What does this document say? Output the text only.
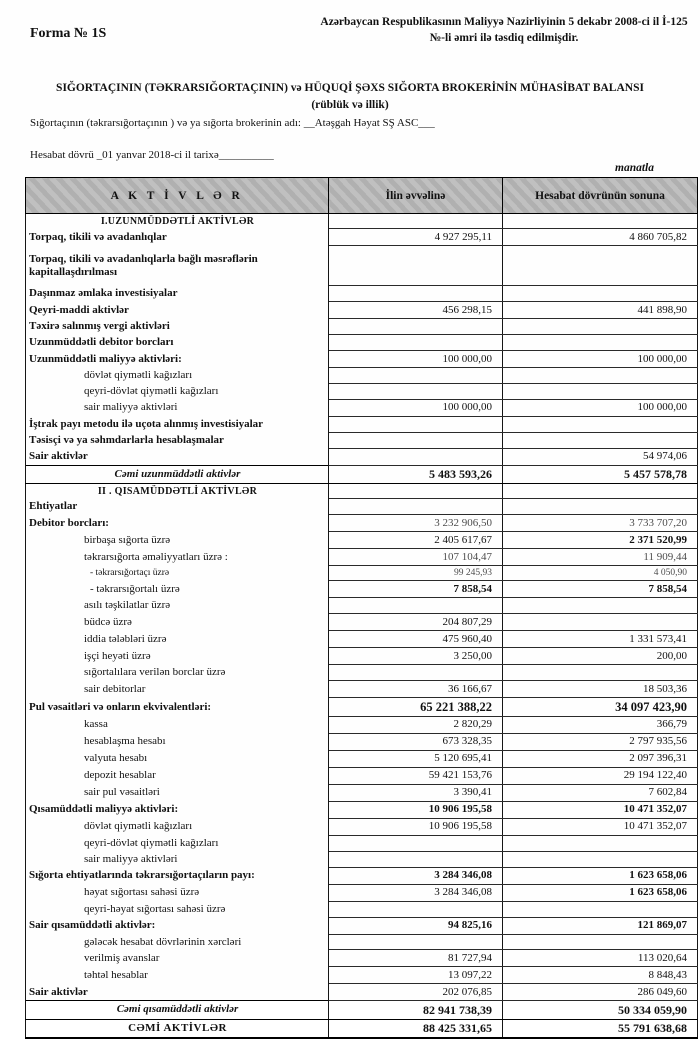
Forma № 1S
Azərbaycan Respublikasının Maliyyə Nazirliyinin 5 dekabr 2008-ci il İ-125 №-li əmri ilə təsdiq edilmişdir.
SIĞORTAÇININ (TƏKRARSIĞORTAÇININ) və HÜQUQİ ŞƏXS SIĞORTA BROKERİNİN MÜHASİBAT BALANSI (rüblük və illik)
Sığortaçının (təkrarsığortaçının ) və ya sığorta brokerinin adı: __Atəşgah Həyat SŞ ASC___
Hesabat dövrü _01 yanvar 2018-ci il tarixə__________
manatla
A K T İ V L Ə R	İlin əvvəlinə	Hesabat dövrünün sonuna
I.UZUNMÜDDƏTLİ AKTİVLƏR		
Torpaq, tikili və avadanlıqlar	4 927 295,11	4 860 705,82
Torpaq, tikili və avadanlıqlarla bağlı məsrəflərin kapitallaşdırılması		
Daşınmaz əmlaka investisiyalar		
Qeyri-maddi aktivlər	456 298,15	441 898,90
Təxirə salınmış vergi aktivləri		
Uzunmüddətli debitor borcları		
Uzunmüddətli maliyyə aktivləri:	100 000,00	100 000,00
dövlət qiymətli kağızları		
qeyri-dövlət qiymətli kağızları		
sair maliyyə aktivləri	100 000,00	100 000,00
İştrak payı metodu ilə uçota alınmış investisiyalar		
Təsisçi və ya səhmdarlarla hesablaşmalar		
Sair aktivlər		54 974,06
Cəmi uzunmüddətli aktivlər	5 483 593,26	5 457 578,78
II . QISAMÜDDƏTLİ AKTİVLƏR		
Ehtiyatlar		
Debitor borcları:	3 232 906,50	3 733 707,20
birbaşa sığorta üzrə	2 405 617,67	2 371 520,99
təkrarsığorta əməliyyatları üzrə :	107 104,47	11 909,44
- təkrarsığortaçı üzrə	99 245,93	4 050,90
- təkrarsığortalı üzrə	7 858,54	7 858,54
asılı təşkilatlar üzrə		
büdcə üzrə	204 807,29	
iddia tələbləri üzrə	475 960,40	1 331 573,41
işçi heyəti üzrə	3 250,00	200,00
sığortalılara verilən borclar üzrə		
sair debitorlar	36 166,67	18 503,36
Pul vəsaitləri və onların ekvivalentləri:	65 221 388,22	34 097 423,90
kassa	2 820,29	366,79
hesablaşma hesabı	673 328,35	2 797 935,56
valyuta hesabı	5 120 695,41	2 097 396,31
depozit hesablar	59 421 153,76	29 194 122,40
sair pul vəsaitləri	3 390,41	7 602,84
Qısamüddətli maliyyə aktivləri:	10 906 195,58	10 471 352,07
dövlət qiymətli kağızları	10 906 195,58	10 471 352,07
qeyri-dövlət qiymətli kağızları		
sair maliyyə aktivləri		
Sığorta ehtiyatlarında təkrarsığortaçıların payı:	3 284 346,08	1 623 658,06
həyat sığortası sahəsi üzrə	3 284 346,08	1 623 658,06
qeyri-həyat sığortası sahəsi üzrə		
Sair qısamüddətli aktivlər:	94 825,16	121 869,07
gələcək hesabat dövrlərinin xərcləri		
verilmiş avanslar	81 727,94	113 020,64
təhtəl hesablar	13 097,22	8 848,43
Sair aktivlər	202 076,85	286 049,60
Cəmi qısamüddətli aktivlər	82 941 738,39	50 334 059,90
CƏMİ AKTİVLƏR	88 425 331,65	55 791 638,68
